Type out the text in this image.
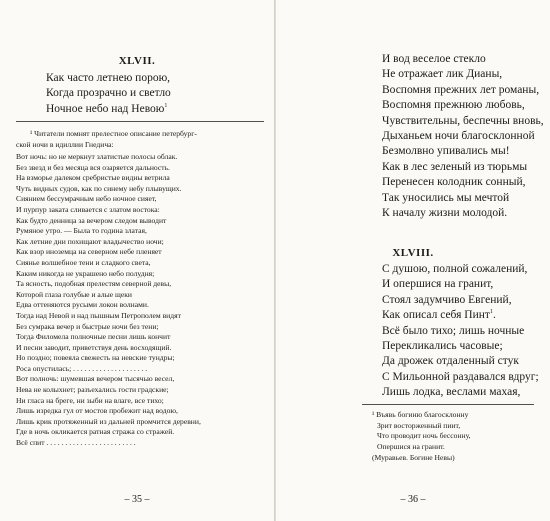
XLVII.
Как часто летнею порою,
Когда прозрачно и светло
Ночное небо над Невою$^1$
¹ Читатели помнят прелестное описание петербург-
ской ночи в идиллии Гнедича:
Вот ночь: но не меркнут златистые полосы облак.
Без звезд и без месяца вся озаряется дальность.
На взморье далеком сребристые видны ветрила
Чуть видных судов, как по синему небу плывущих.
Сиянием бессумрачным небо ночное сияет,
И пурпур заката сливается с златом востока:
Как будто денница за вечером следом выводит
Румяное утро. — Была то година златая,
Как летние дни похищают владычество ночи;
Как взор иноземца на северном небе пленяет
Сиянье волшебное тени и сладкого света,
Каким никогда не украшено небо полудня;
Та ясность, подобная прелестям северной девы,
Которой глаза голубые и алые щеки
Едва оттеняются русыми локон волнами.
Тогда над Невой и над пышным Петрополем видят
Без сумрака вечер и быстрые ночи без тени;
Тогда Филомела полночные песни лишь кончит
И песни заводит, приветствуя день восходящий.
Но поздно; повеяла свежесть на невские тундры;
Роса опустилась; . . . . . . . . . . . . . . . . . . . .
Вот полночь: шумевшая вечером тысячью весел,
Нева не колыхнет; разъехались гости градские;
Ни гласа на бреге, ни зыби на влаге, все тихо;
Лишь изредка гул от мостов пробежит над водою,
Лишь крик протяженный из дальней промчится деревни,
Где в ночь окликается ратная стража со стражей.
Всё спит . . . . . . . . . . . . . . . . . . . . . . . .
– 35 –
И вод веселое стекло
Не отражает лик Дианы,
Воспомня прежних лет романы,
Воспомня прежнюю любовь,
Чувствительны, беспечны вновь,
Дыханьем ночи благосклонной
Безмолвно упивались мы!
Как в лес зеленый из тюрьмы
Перенесен колодник сонный,
Так уносились мы мечтой
К началу жизни молодой.
XLVIII.
С душою, полной сожалений,
И опершися на гранит,
Стоял задумчиво Евгений,
Как описал себя Пинт$^1$.
Всё было тихо; лишь ночные
Перекликались часовые;
Да дрожек отдаленный стук
С Мильонной раздавался вдруг;
Лишь лодка, веслами махая,
¹ Въявь богиню благосклонну
Зрит восторженный пиит,
Что проводит ночь бессонну,
Опершися на гранит.
(Муравьев. Богине Невы)
– 36 –
